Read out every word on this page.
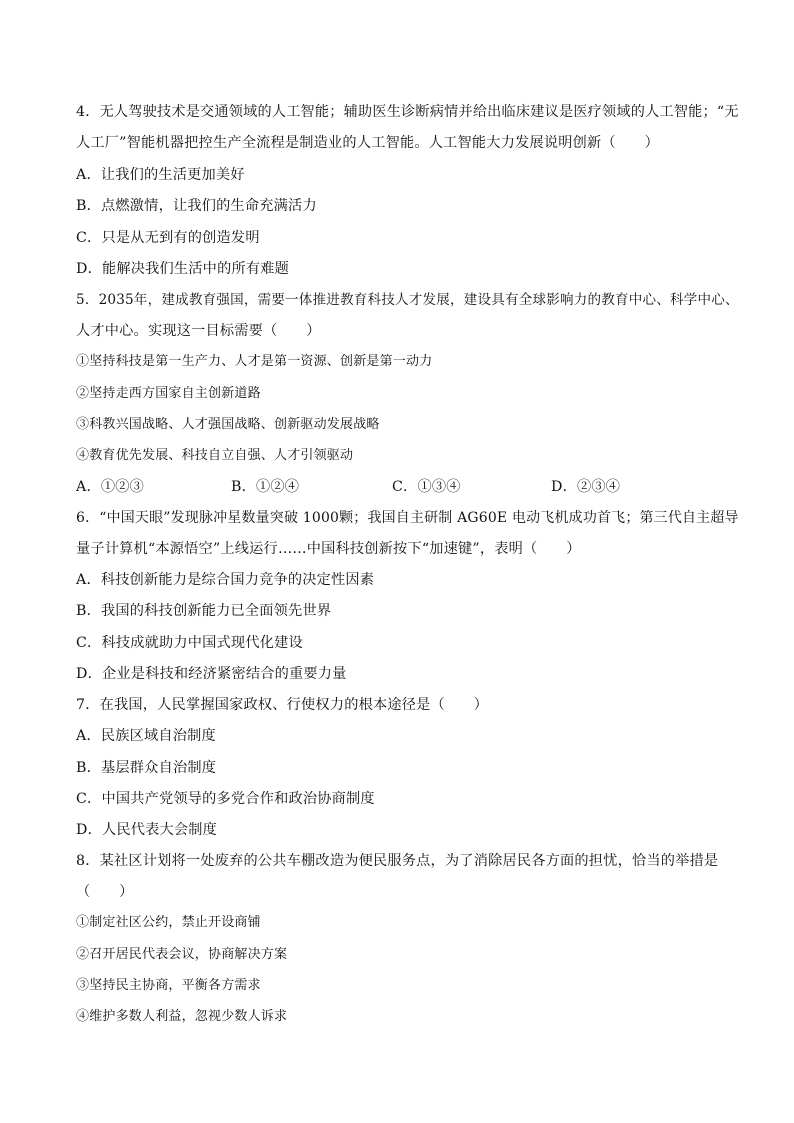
4．无人驾驶技术是交通领域的人工智能；辅助医生诊断病情并给出临床建议是医疗领域的人工智能；“无
人工厂”智能机器把控生产全流程是制造业的人工智能。人工智能大力发展说明创新（　　）
A．让我们的生活更加美好
B．点燃激情，让我们的生命充满活力
C．只是从无到有的创造发明
D．能解决我们生活中的所有难题
5．2035年，建成教育强国，需要一体推进教育科技人才发展，建设具有全球影响力的教育中心、科学中心、
人才中心。实现这一目标需要（　　）
①坚持科技是第一生产力、人才是第一资源、创新是第一动力
②坚持走西方国家自主创新道路
③科教兴国战略、人才强国战略、创新驱动发展战略
④教育优先发展、科技自立自强、人才引领驱动
A．①②③	B．①②④	C．①③④	D．②③④
6．“中国天眼”发现脉冲星数量突破 1000颗；我国自主研制 AG60E 电动飞机成功首飞；第三代自主超导
量子计算机“本源悟空”上线运行……中国科技创新按下“加速键”，表明（　　）
A．科技创新能力是综合国力竞争的决定性因素
B．我国的科技创新能力已全面领先世界
C．科技成就助力中国式现代化建设
D．企业是科技和经济紧密结合的重要力量
7．在我国，人民掌握国家政权、行使权力的根本途径是（　　）
A．民族区域自治制度
B．基层群众自治制度
C．中国共产党领导的多党合作和政治协商制度
D．人民代表大会制度
8．某社区计划将一处废弃的公共车棚改造为便民服务点，为了消除居民各方面的担忧，恰当的举措是
（　　）
①制定社区公约，禁止开设商铺
②召开居民代表会议，协商解决方案
③坚持民主协商，平衡各方需求
④维护多数人利益，忽视少数人诉求
